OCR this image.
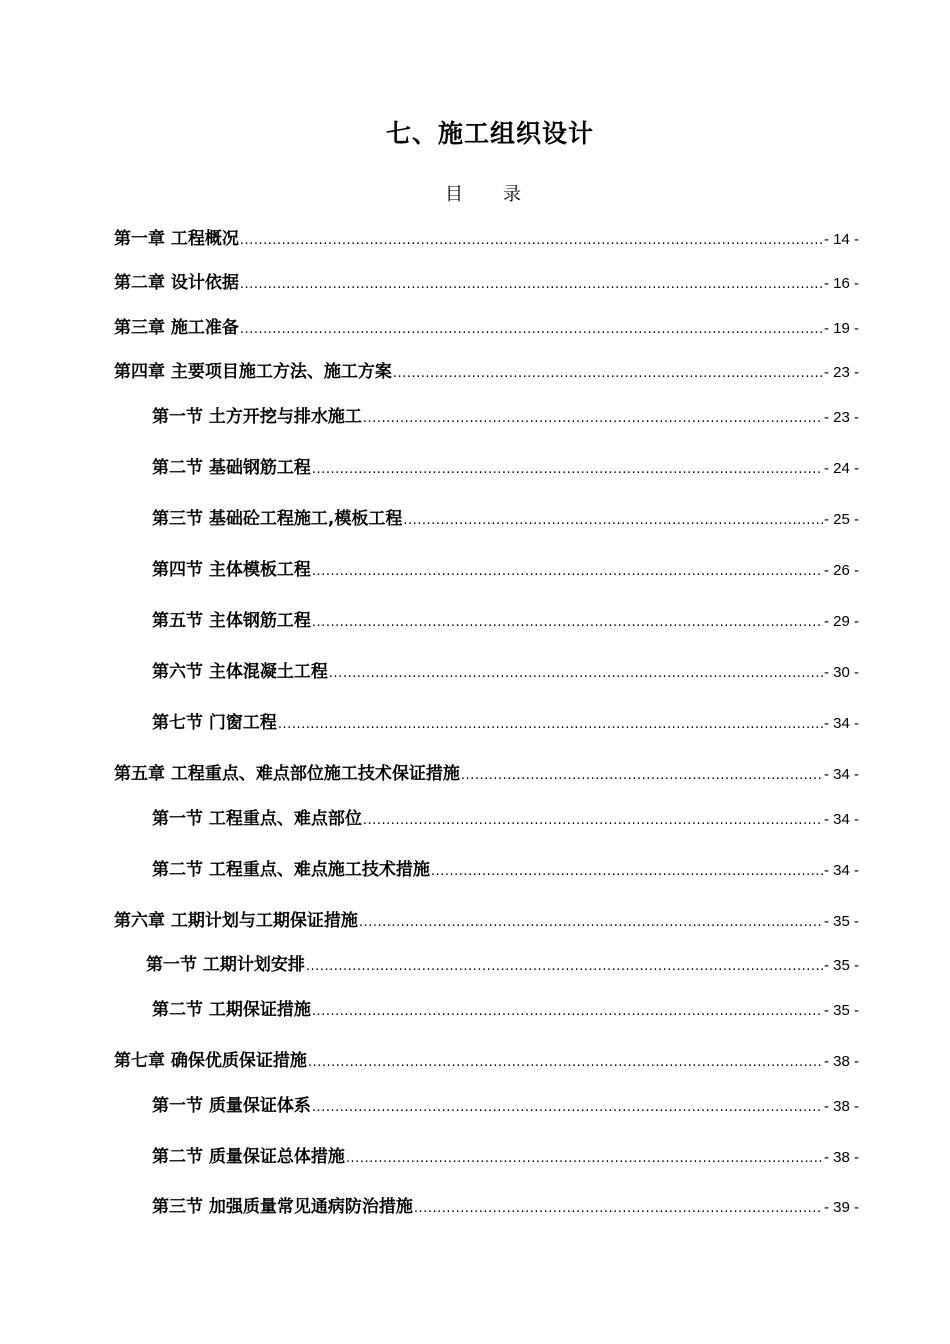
七、施工组织设计
目 录
第一章 工程概况 .....	- 14 -
第二章 设计依据 .....	- 16 -
第三章 施工准备 .....	- 19 -
第四章 主要项目施工方法、施工方案 .....	- 23 -
第一节 土方开挖与排水施工 .....	- 23 -
第二节 基础钢筋工程 .....	- 24 -
第三节 基础砼工程施工,模板工程 .....	- 25 -
第四节 主体模板工程 .....	- 26 -
第五节 主体钢筋工程 .....	- 29 -
第六节 主体混凝土工程 .....	- 30 -
第七节 门窗工程 .....	- 34 -
第五章 工程重点、难点部位施工技术保证措施 .....	- 34 -
第一节 工程重点、难点部位 .....	- 34 -
第二节 工程重点、难点施工技术措施 .....	- 34 -
第六章 工期计划与工期保证措施 .....	- 35 -
第一节 工期计划安排 .....	- 35 -
第二节 工期保证措施 .....	- 35 -
第七章 确保优质保证措施 .....	- 38 -
第一节 质量保证体系 .....	- 38 -
第二节 质量保证总体措施 .....	- 38 -
第三节 加强质量常见通病防治措施 .....	- 39 -
